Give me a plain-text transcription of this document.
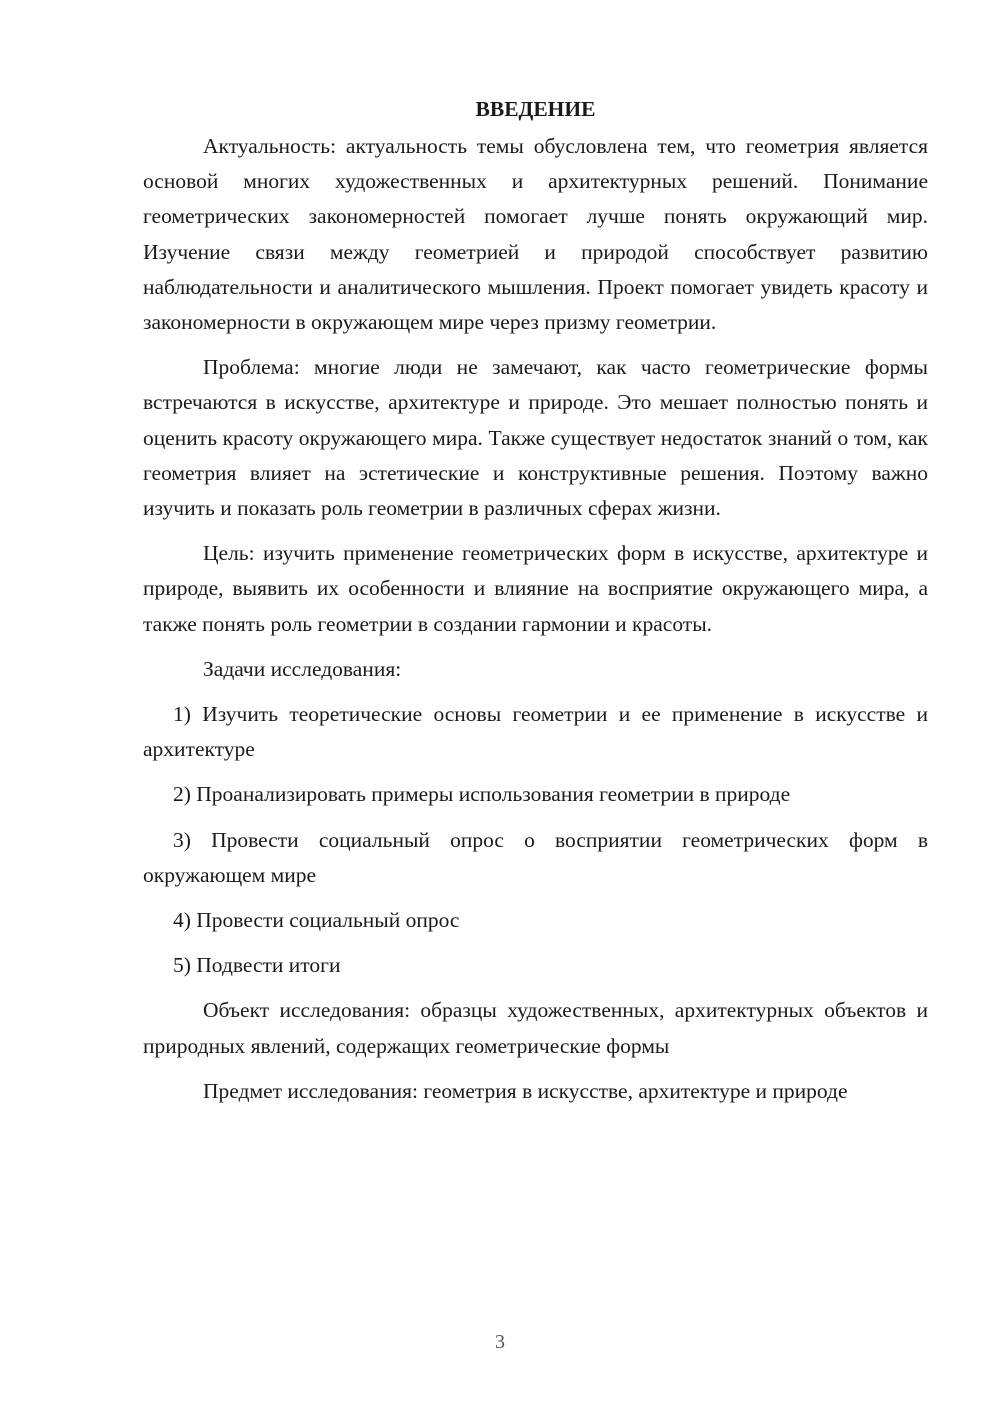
ВВЕДЕНИЕ

Актуальность: актуальность темы обусловлена тем, что геометрия является основой многих художественных и архитектурных решений. Понимание геометрических закономерностей помогает лучше понять окружающий мир. Изучение связи между геометрией и природой способствует развитию наблюдательности и аналитического мышления. Проект помогает увидеть красоту и закономерности в окружающем мире через призму геометрии.

Проблема: многие люди не замечают, как часто геометрические формы встречаются в искусстве, архитектуре и природе. Это мешает полностью понять и оценить красоту окружающего мира. Также существует недостаток знаний о том, как геометрия влияет на эстетические и конструктивные решения. Поэтому важно изучить и показать роль геометрии в различных сферах жизни.

Цель: изучить применение геометрических форм в искусстве, архитектуре и природе, выявить их особенности и влияние на восприятие окружающего мира, а также понять роль геометрии в создании гармонии и красоты.

Задачи исследования:

1) Изучить теоретические основы геометрии и ее применение в искусстве и архитектуре

2) Проанализировать примеры использования геометрии в природе

3) Провести социальный опрос о восприятии геометрических форм в окружающем мире

4) Провести социальный опрос

5) Подвести итоги

Объект исследования: образцы художественных, архитектурных объектов и природных явлений, содержащих геометрические формы

Предмет исследования: геометрия в искусстве, архитектуре и природе

3
